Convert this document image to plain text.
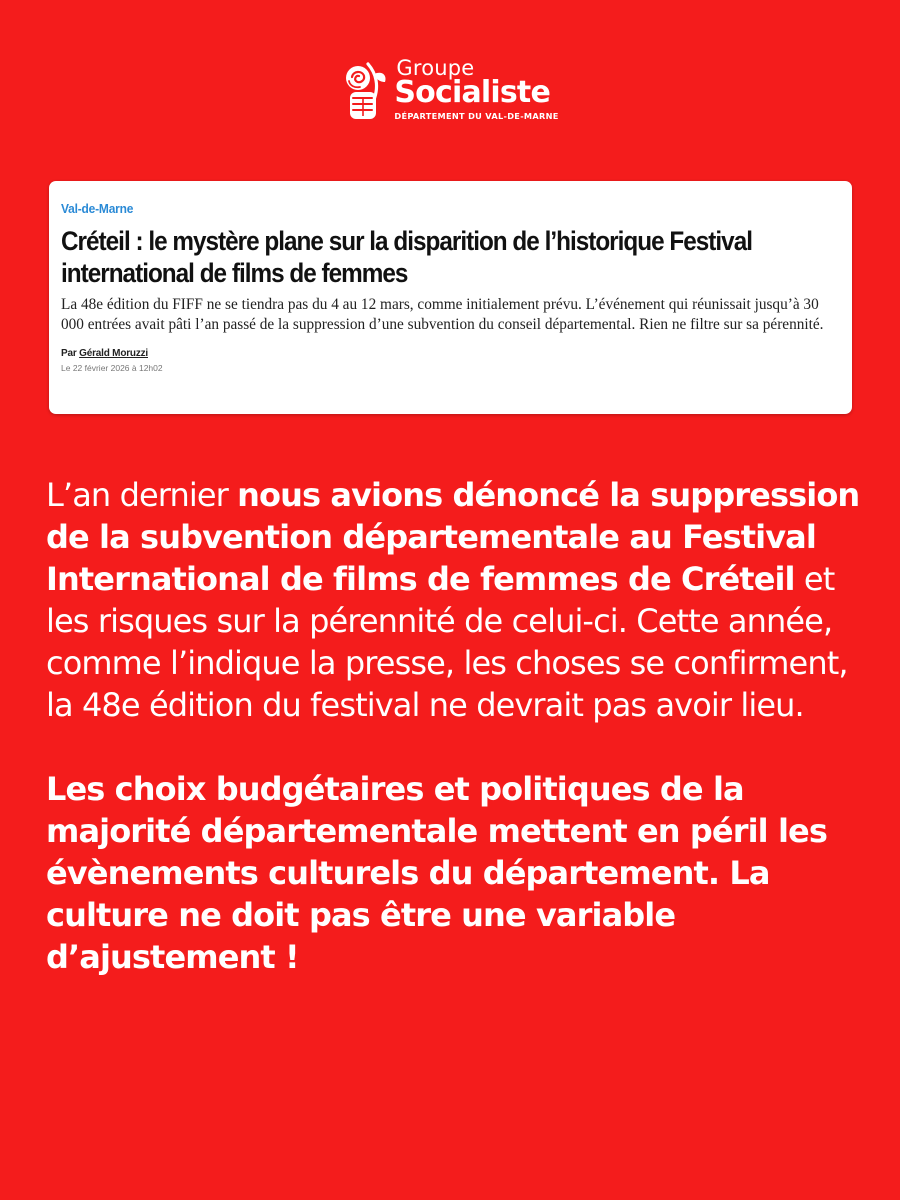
Groupe
Socialiste
DÉPARTEMENT DU VAL-DE-MARNE
Val-de-Marne
Créteil : le mystère plane sur la disparition de l’historique Festival international de films de femmes
La 48e édition du FIFF ne se tiendra pas du 4 au 12 mars, comme initialement prévu. L’événement qui réunissait jusqu’à 30 000 entrées avait pâti l’an passé de la suppression d’une subvention du conseil départemental. Rien ne filtre sur sa pérennité.
Par Gérald Moruzzi
Le 22 février 2026 à 12h02

L’an dernier nous avions dénoncé la suppression de la subvention départementale au Festival International de films de femmes de Créteil et les risques sur la pérennité de celui-ci. Cette année, comme l’indique la presse, les choses se confirment, la 48e édition du festival ne devrait pas avoir lieu.

Les choix budgétaires et politiques de la majorité départementale mettent en péril les évènements culturels du département. La culture ne doit pas être une variable d’ajustement !
